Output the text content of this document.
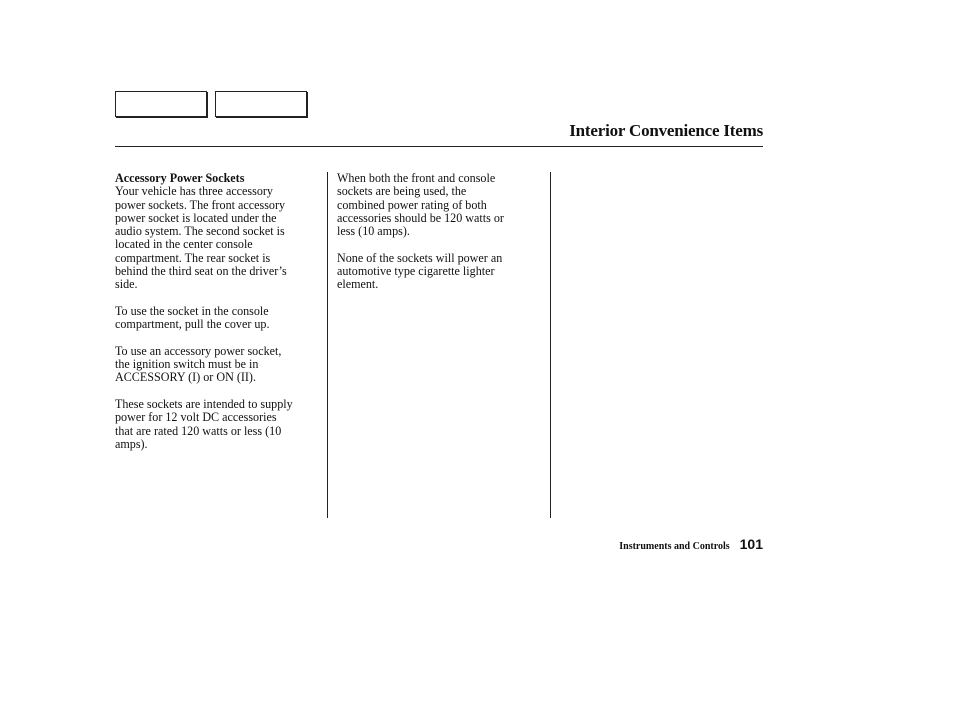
Interior Convenience Items
Accessory Power Sockets

Your vehicle has three accessory
power sockets. The front accessory
power socket is located under the
audio system. The second socket is
located in the center console
compartment. The rear socket is
behind the third seat on the driver’s
side.

To use the socket in the console
compartment, pull the cover up.

To use an accessory power socket,
the ignition switch must be in
ACCESSORY (I) or ON (II).

These sockets are intended to supply
power for 12 volt DC accessories
that are rated 120 watts or less (10
amps).

When both the front and console
sockets are being used, the
combined power rating of both
accessories should be 120 watts or
less (10 amps).

None of the sockets will power an
automotive type cigarette lighter
element.

Instruments and Controls 101
